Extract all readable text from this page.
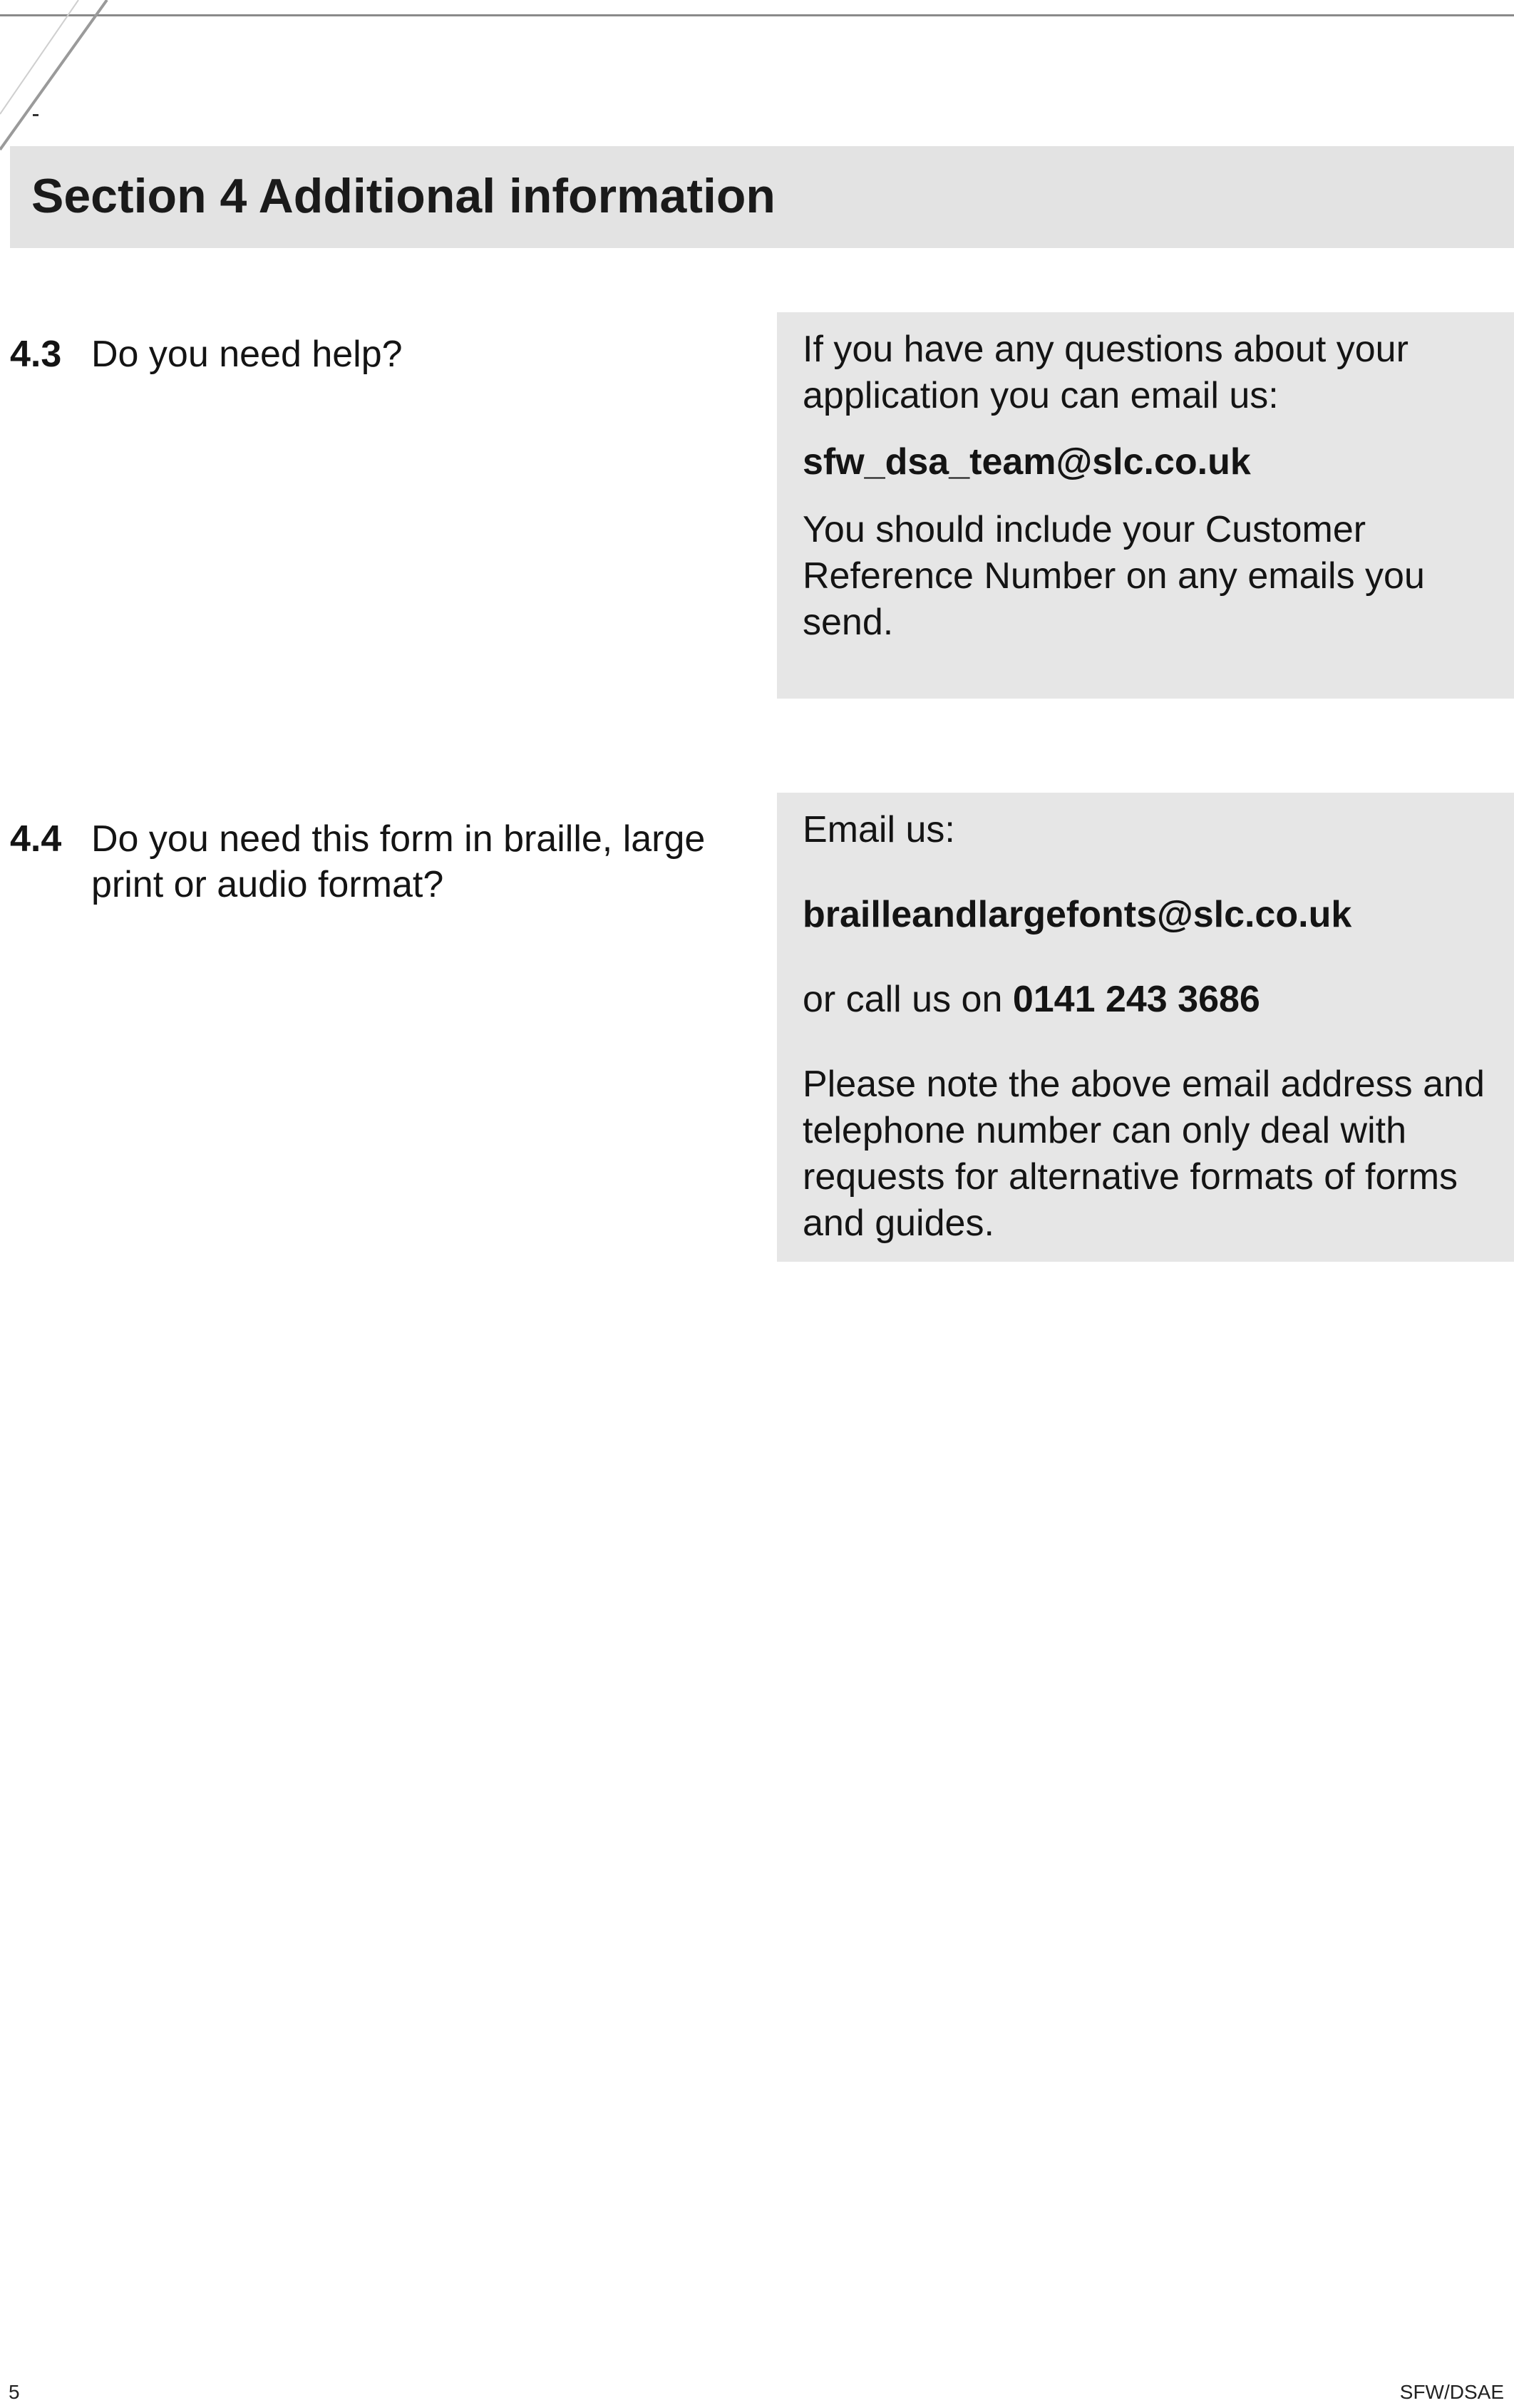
Section 4 Additional information
4.3 Do you need help?	If you have any questions about your application you can email us:

sfw_dsa_team@slc.co.uk

You should include your Customer Reference Number on any emails you send.

4.4 Do you need this form in braille, large print or audio format?

Email us:

brailleandlargefonts@slc.co.uk

or call us on 0141 243 3686

Please note the above email address and telephone number can only deal with requests for alternative formats of forms and guides.

5	SFW/DSAE
